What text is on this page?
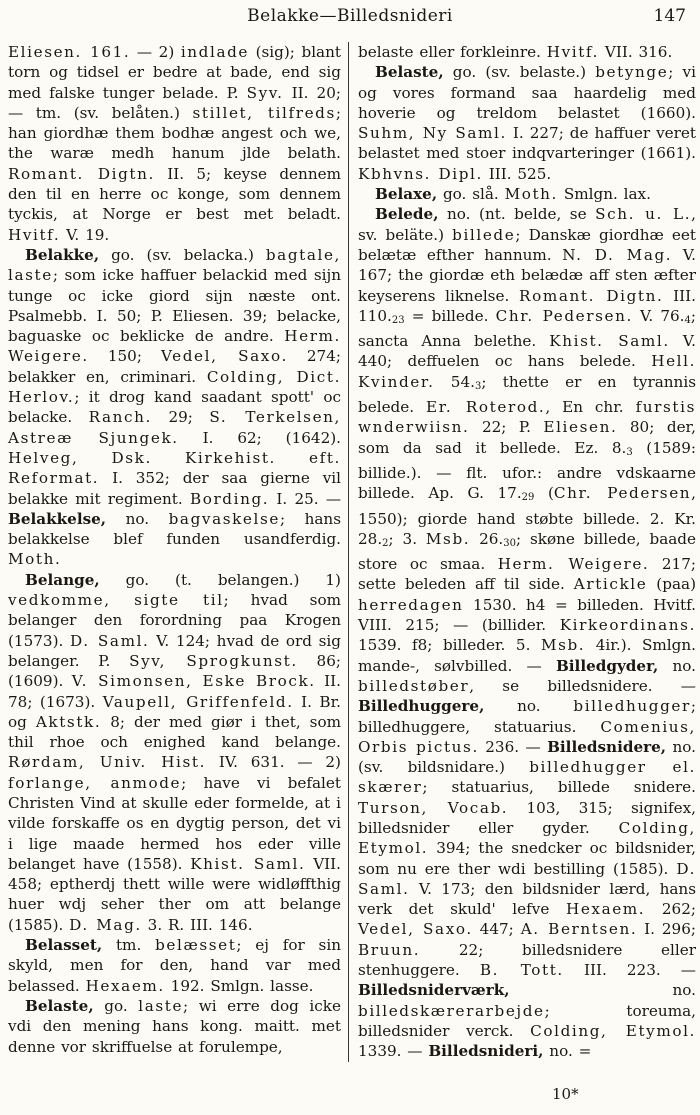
Belakke—Billedsnideri	147

Eliesen. 161. — 2) indlade (sig); blant torn og tidsel er bedre at bade, end sig med falske tunger belade. P. Syv. II. 20; — tm. (sv. belåten.) stillet, tilfreds; han giordhæ them bodhæ angest och we, the waræ medh hanum jlde belath. Romant. Digtn. II. 5; keyse dennem den til en herre oc konge, som dennem tyckis, at Norge er best met beladt. Hvitf. V. 19.

Belakke, go. (sv. belacka.) bagtale, laste; som icke haffuer belackid med sijn tunge oc icke giord sijn næste ont. Psalmebb. I. 50; P. Eliesen. 39; belacke, baguaske oc beklicke de andre. Herm. Weigere. 150; Vedel, Saxo. 274; belakker en, criminari. Colding, Dict. Herlov.; it drog kand saadant spott' oc belacke. Ranch. 29; S. Terkelsen, Astreæ Sjungek. I. 62; (1642). Helveg, Dsk. Kirkehist. eft. Reformat. I. 352; der saa gierne vil belakke mit regiment. Bording. I. 25. — Belakkelse, no. bagvaskelse; hans belakkelse blef funden usandferdig. Moth.

Belange, go. (t. belangen.) 1) vedkomme, sigte til; hvad som belanger den forordning paa Krogen (1573). D. Saml. V. 124; hvad de ord sig belanger. P. Syv, Sprogkunst. 86; (1609). V. Simonsen, Eske Brock. II. 78; (1673). Vaupell, Griffenfeld. I. Br. og Aktstk. 8; der med giør i thet, som thil rhoe och enighed kand belange. Rørdam, Univ. Hist. IV. 631. — 2) forlange, anmode; have vi befalet Christen Vind at skulle eder formelde, at i vilde forskaffe os en dygtig person, det vi i lige maade hermed hos eder ville belanget have (1558). Khist. Saml. VII. 458; eptherdj thett wille were widløffthig huer wdj seher ther om att belange (1585). D. Mag. 3. R. III. 146.

Belasset, tm. belæsset; ej for sin skyld, men for den, hand var med belassed. Hexaem. 192. Smlgn. lasse.

Belaste, go. laste; wi erre dog icke vdi den mening hans kong. maitt. met denne vor skriffuelse at forulempe,

belaste eller forkleinre. Hvitf. VII. 316.

Belaste, go. (sv. belaste.) betynge; vi og vores formand saa haardelig med hoverie og treldom belastet (1660). Suhm, Ny Saml. I. 227; de haffuer veret belastet med stoer indqvarteringer (1661). Kbhvns. Dipl. III. 525.

Belaxe, go. slå. Moth. Smlgn. lax.

Belede, no. (nt. belde, se Sch. u. L., sv. beläte.) billede; Danskæ giordhæ eet belætæ efther hannum. N. D. Mag. V. 167; the giordæ eth belædæ aff sten æfter keyserens liknelse. Romant. Digtn. III. 110.23 = billede. Chr. Pedersen. V. 76.4; sancta Anna belethe. Khist. Saml. V. 440; deffuelen oc hans belede. Hell. Kvinder. 54.3; thette er en tyrannis belede. Er. Roterod., En chr. furstis wnderwiisn. 22; P. Eliesen. 80; der, som da sad it bellede. Ez. 8.3 (1589: billide.). — flt. ufor.: andre vdskaarne billede. Ap. G. 17.29 (Chr. Pedersen, 1550); giorde hand støbte billede. 2. Kr. 28.2; 3. Msb. 26.30; skøne billede, baade store oc smaa. Herm. Weigere. 217; sette beleden aff til side. Artickle (paa) herredagen 1530. h4 = billeden. Hvitf. VIII. 215; — (billider. Kirkeordinans. 1539. f8; billeder. 5. Msb. 4ir.). Smlgn. mande-, sølvbilled. — Billedgyder, no. billedstøber, se billedsnidere. — Billedhuggere, no. billedhugger; billedhuggere, statuarius. Comenius, Orbis pictus. 236. — Billedsnidere, no. (sv. bildsnidare.) billedhugger el. skærer; statuarius, billede snidere. Turson, Vocab. 103, 315; signifex, billedsnider eller gyder. Colding, Etymol. 394; the snedcker oc bildsnider, som nu ere ther wdi bestilling (1585). D. Saml. V. 173; den bildsnider lærd, hans verk det skuld' lefve Hexaem. 262; Vedel, Saxo. 447; A. Berntsen. I. 296; Bruun. 22; billedsnidere eller stenhuggere. B. Tott. III. 223. — Billedsniderværk, no. billedskærerarbejde; toreuma, billedsnider verck. Colding, Etymol. 1339. — Billedsnideri, no. =

10*
